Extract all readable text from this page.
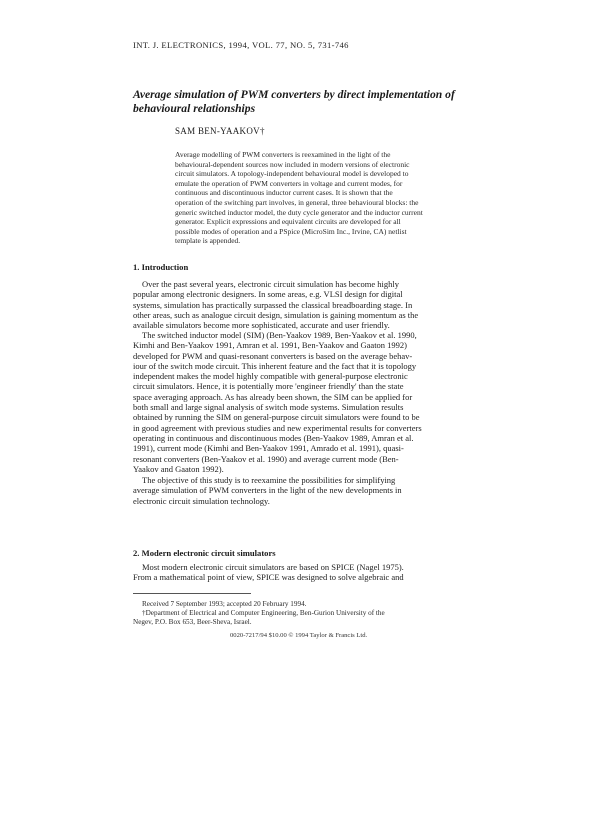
INT. J. ELECTRONICS, 1994, VOL. 77, NO. 5, 731-746
Average simulation of PWM converters by direct implementation of
behavioural relationships
SAM BEN-YAAKOV†
Average modelling of PWM converters is reexamined in the light of the
behavioural-dependent sources now included in modern versions of electronic
circuit simulators. A topology-independent behavioural model is developed to
emulate the operation of PWM converters in voltage and current modes, for
continuous and discontinuous inductor current cases. It is shown that the
operation of the switching part involves, in general, three behavioural blocks: the
generic switched inductor model, the duty cycle generator and the inductor current
generator. Explicit expressions and equivalent circuits are developed for all
possible modes of operation and a PSpice (MicroSim Inc., Irvine, CA) netlist
template is appended.
1. Introduction
Over the past several years, electronic circuit simulation has become highly
popular among electronic designers. In some areas, e.g. VLSI design for digital
systems, simulation has practically surpassed the classical breadboarding stage. In
other areas, such as analogue circuit design, simulation is gaining momentum as the
available simulators become more sophisticated, accurate and user friendly.
The switched inductor model (SIM) (Ben-Yaakov 1989, Ben-Yaakov et al. 1990,
Kimhi and Ben-Yaakov 1991, Amran et al. 1991, Ben-Yaakov and Gaaton 1992)
developed for PWM and quasi-resonant converters is based on the average behav-
iour of the switch mode circuit. This inherent feature and the fact that it is topology
independent makes the model highly compatible with general-purpose electronic
circuit simulators. Hence, it is potentially more 'engineer friendly' than the state
space averaging approach. As has already been shown, the SIM can be applied for
both small and large signal analysis of switch mode systems. Simulation results
obtained by running the SIM on general-purpose circuit simulators were found to be
in good agreement with previous studies and new experimental results for converters
operating in continuous and discontinuous modes (Ben-Yaakov 1989, Amran et al.
1991), current mode (Kimhi and Ben-Yaakov 1991, Amrado et al. 1991), quasi-
resonant converters (Ben-Yaakov et al. 1990) and average current mode (Ben-
Yaakov and Gaaton 1992).
The objective of this study is to reexamine the possibilities for simplifying
average simulation of PWM converters in the light of the new developments in
electronic circuit simulation technology.
2. Modern electronic circuit simulators
Most modern electronic circuit simulators are based on SPICE (Nagel 1975).
From a mathematical point of view, SPICE was designed to solve algebraic and
Received 7 September 1993; accepted 20 February 1994.
†Department of Electrical and Computer Engineering, Ben-Gurion University of the
Negev, P.O. Box 653, Beer-Sheva, Israel.
0020-7217/94 $10.00 © 1994 Taylor & Francis Ltd.
